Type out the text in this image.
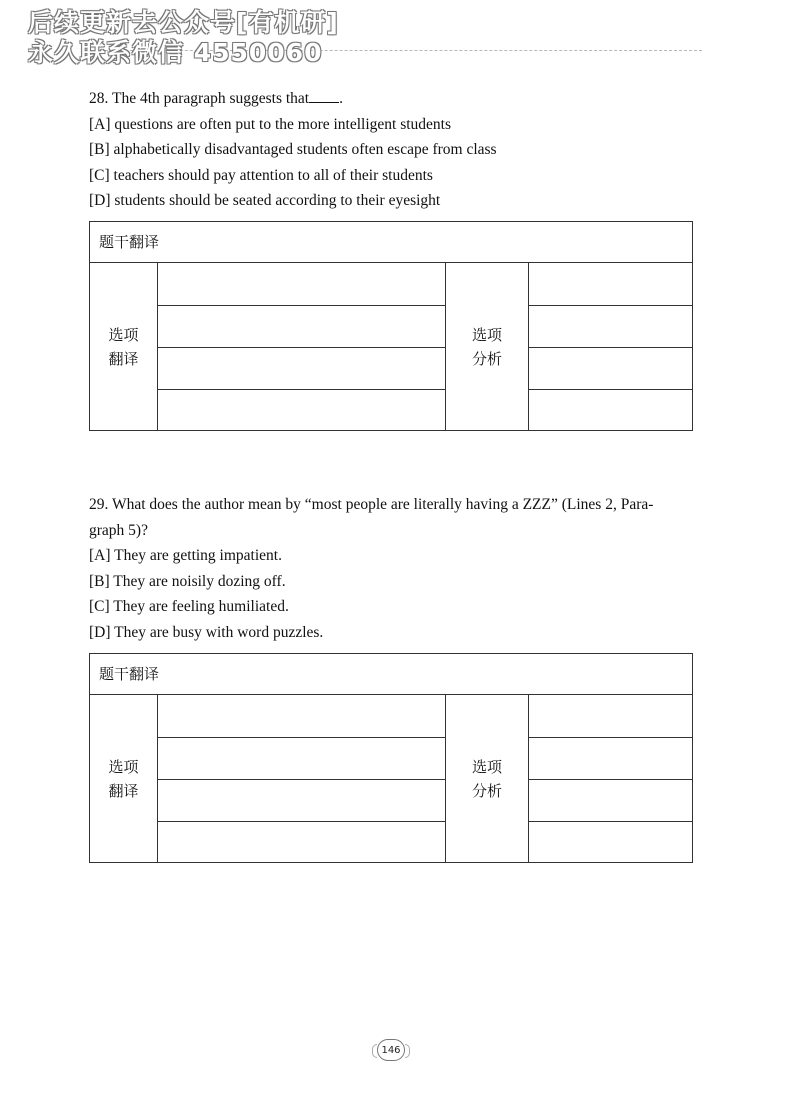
后续更新去公众号[有机研]
永久联系微信 4550060
28. The 4th paragraph suggests that .
[A] questions are often put to the more intelligent students
[B] alphabetically disadvantaged students often escape from class
[C] teachers should pay attention to all of their students
[D] students should be seated according to their eyesight
题干翻译
选项
翻译
选项
分析
29. What does the author mean by “most people are literally having a ZZZ” (Lines 2, Para-
graph 5)?
[A] They are getting impatient.
[B] They are noisily dozing off.
[C] They are feeling humiliated.
[D] They are busy with word puzzles.
题干翻译
选项
翻译
选项
分析
146
